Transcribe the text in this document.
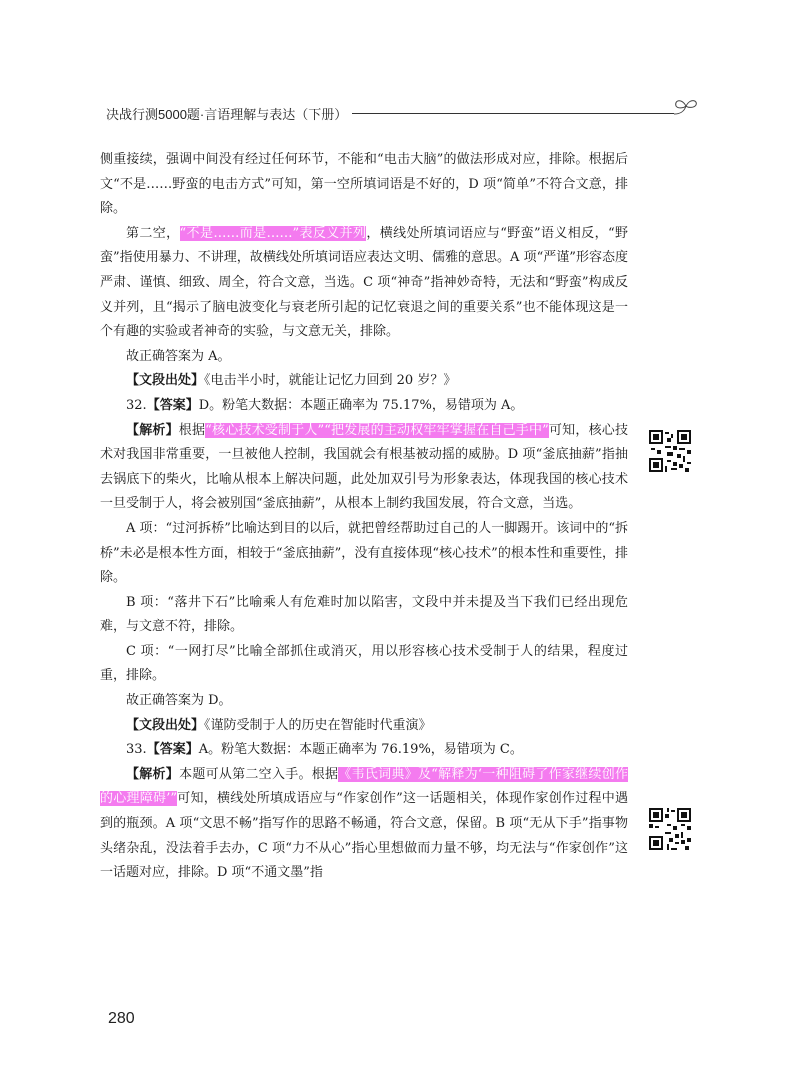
决战行测5000题·言语理解与表达（下册）

侧重接续，强调中间没有经过任何环节，不能和“电击大脑”的做法形成对应，排除。根据后文“不是……野蛮的电击方式”可知，第一空所填词语是不好的，D 项“简单”不符合文意，排除。

第二空，“不是……而是……”表反义并列，横线处所填词语应与“野蛮”语义相反，“野蛮”指使用暴力、不讲理，故横线处所填词语应表达文明、儒雅的意思。A 项“严谨”形容态度严肃、谨慎、细致、周全，符合文意，当选。C 项“神奇”指神妙奇特，无法和“野蛮”构成反义并列，且“揭示了脑电波变化与衰老所引起的记忆衰退之间的重要关系”也不能体现这是一个有趣的实验或者神奇的实验，与文意无关，排除。

故正确答案为 A。

【文段出处】《电击半小时，就能让记忆力回到 20 岁？》

32.【答案】D。粉笔大数据：本题正确率为 75.17%，易错项为 A。

【解析】根据“核心技术受制于人”“把发展的主动权牢牢掌握在自己手中”可知，核心技术对我国非常重要，一旦被他人控制，我国就会有根基被动摇的威胁。D 项“釜底抽薪”指抽去锅底下的柴火，比喻从根本上解决问题，此处加双引号为形象表达，体现我国的核心技术一旦受制于人，将会被别国“釜底抽薪”，从根本上制约我国发展，符合文意，当选。

A 项：“过河拆桥”比喻达到目的以后，就把曾经帮助过自己的人一脚踢开。该词中的“拆桥”未必是根本性方面，相较于“釜底抽薪”，没有直接体现“核心技术”的根本性和重要性，排除。

B 项：“落井下石”比喻乘人有危难时加以陷害，文段中并未提及当下我们已经出现危难，与文意不符，排除。

C 项：“一网打尽”比喻全部抓住或消灭，用以形容核心技术受制于人的结果，程度过重，排除。

故正确答案为 D。

【文段出处】《谨防受制于人的历史在智能时代重演》

33.【答案】A。粉笔大数据：本题正确率为 76.19%，易错项为 C。

【解析】本题可从第二空入手。根据《韦氏词典》及“解释为‘一种阻碍了作家继续创作的心理障碍’”可知，横线处所填成语应与“作家创作”这一话题相关，体现作家创作过程中遇到的瓶颈。A 项“文思不畅”指写作的思路不畅通，符合文意，保留。B 项“无从下手”指事物头绪杂乱，没法着手去办，C 项“力不从心”指心里想做而力量不够，均无法与“作家创作”这一话题对应，排除。D 项“不通文墨”指

280
